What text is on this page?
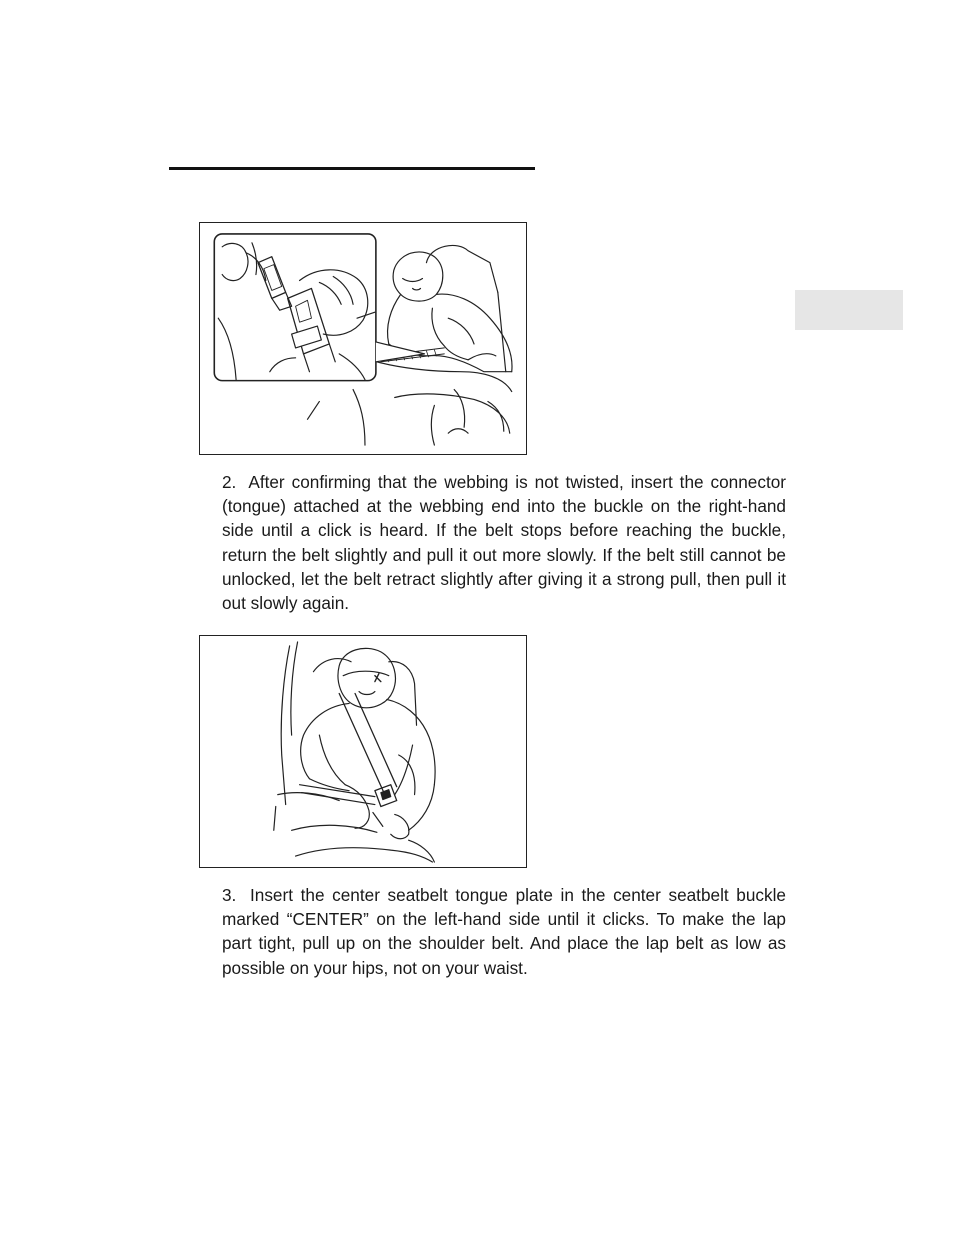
2. After confirming that the webbing is not twisted, insert the connector (tongue) attached at the webbing end into the buckle on the right-hand side until a click is heard. If the belt stops before reaching the buckle, return the belt slightly and pull it out more slowly. If the belt still cannot be unlocked, let the belt retract slightly after giving it a strong pull, then pull it out slowly again.

3. Insert the center seatbelt tongue plate in the center seatbelt buckle marked “CENTER” on the left-hand side until it clicks. To make the lap part tight, pull up on the shoulder belt. And place the lap belt as low as possible on your hips, not on your waist.
